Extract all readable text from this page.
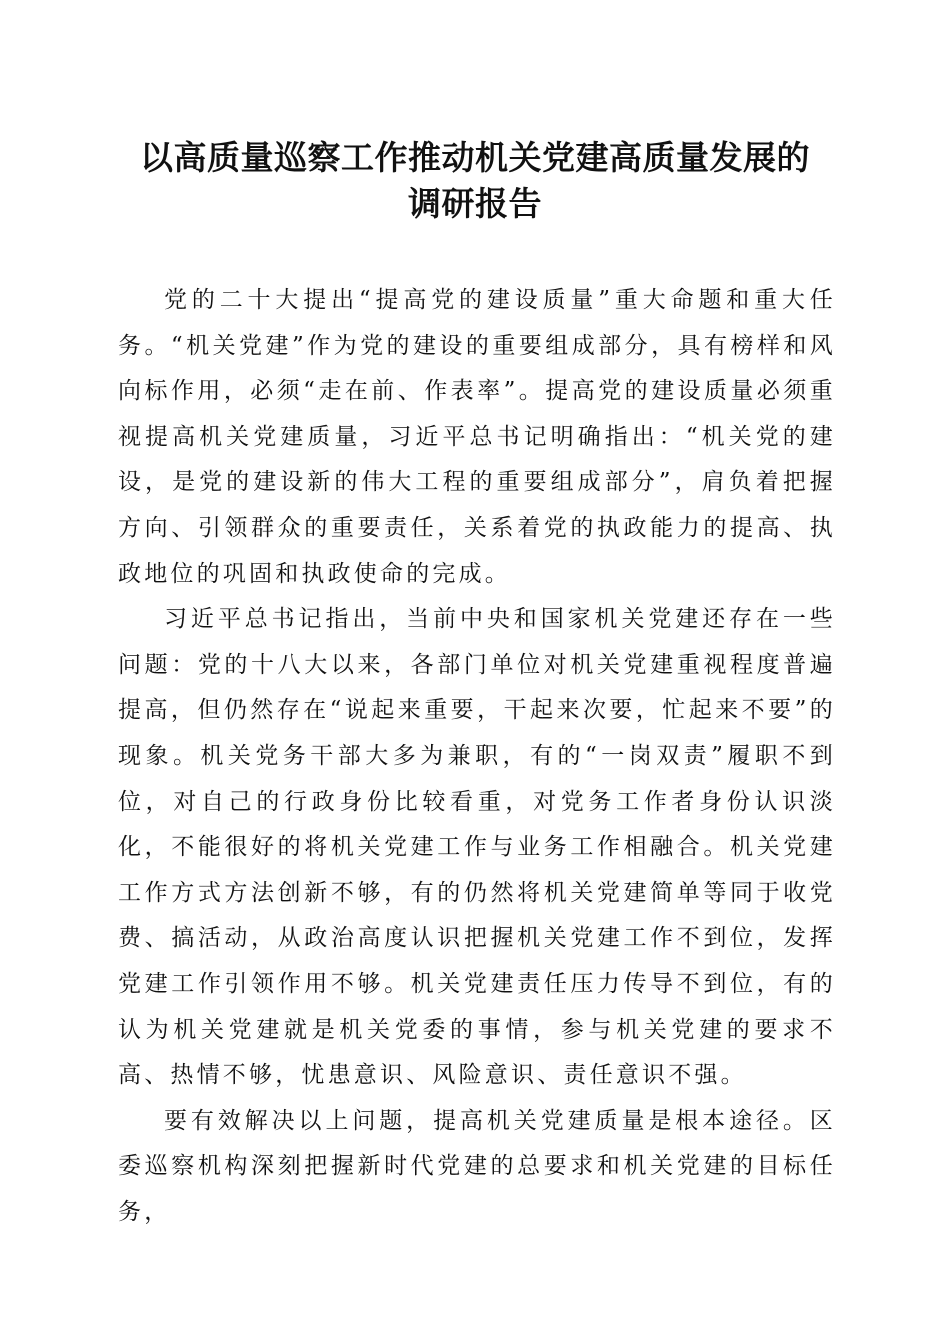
以高质量巡察工作推动机关党建高质量发展的
调研报告

党的二十大提出“提高党的建设质量”重大命题和重大任务。“机关党建”作为党的建设的重要组成部分，具有榜样和风向标作用，必须“走在前、作表率”。提高党的建设质量必须重视提高机关党建质量，习近平总书记明确指出：“机关党的建设，是党的建设新的伟大工程的重要组成部分”，肩负着把握方向、引领群众的重要责任，关系着党的执政能力的提高、执政地位的巩固和执政使命的完成。

习近平总书记指出，当前中央和国家机关党建还存在一些问题：党的十八大以来，各部门单位对机关党建重视程度普遍提高，但仍然存在“说起来重要，干起来次要，忙起来不要”的现象。机关党务干部大多为兼职，有的“一岗双责”履职不到位，对自己的行政身份比较看重，对党务工作者身份认识淡化，不能很好的将机关党建工作与业务工作相融合。机关党建工作方式方法创新不够，有的仍然将机关党建简单等同于收党费、搞活动，从政治高度认识把握机关党建工作不到位，发挥党建工作引领作用不够。机关党建责任压力传导不到位，有的认为机关党建就是机关党委的事情，参与机关党建的要求不高、热情不够，忧患意识、风险意识、责任意识不强。

要有效解决以上问题，提高机关党建质量是根本途径。区委巡察机构深刻把握新时代党建的总要求和机关党建的目标任务，
